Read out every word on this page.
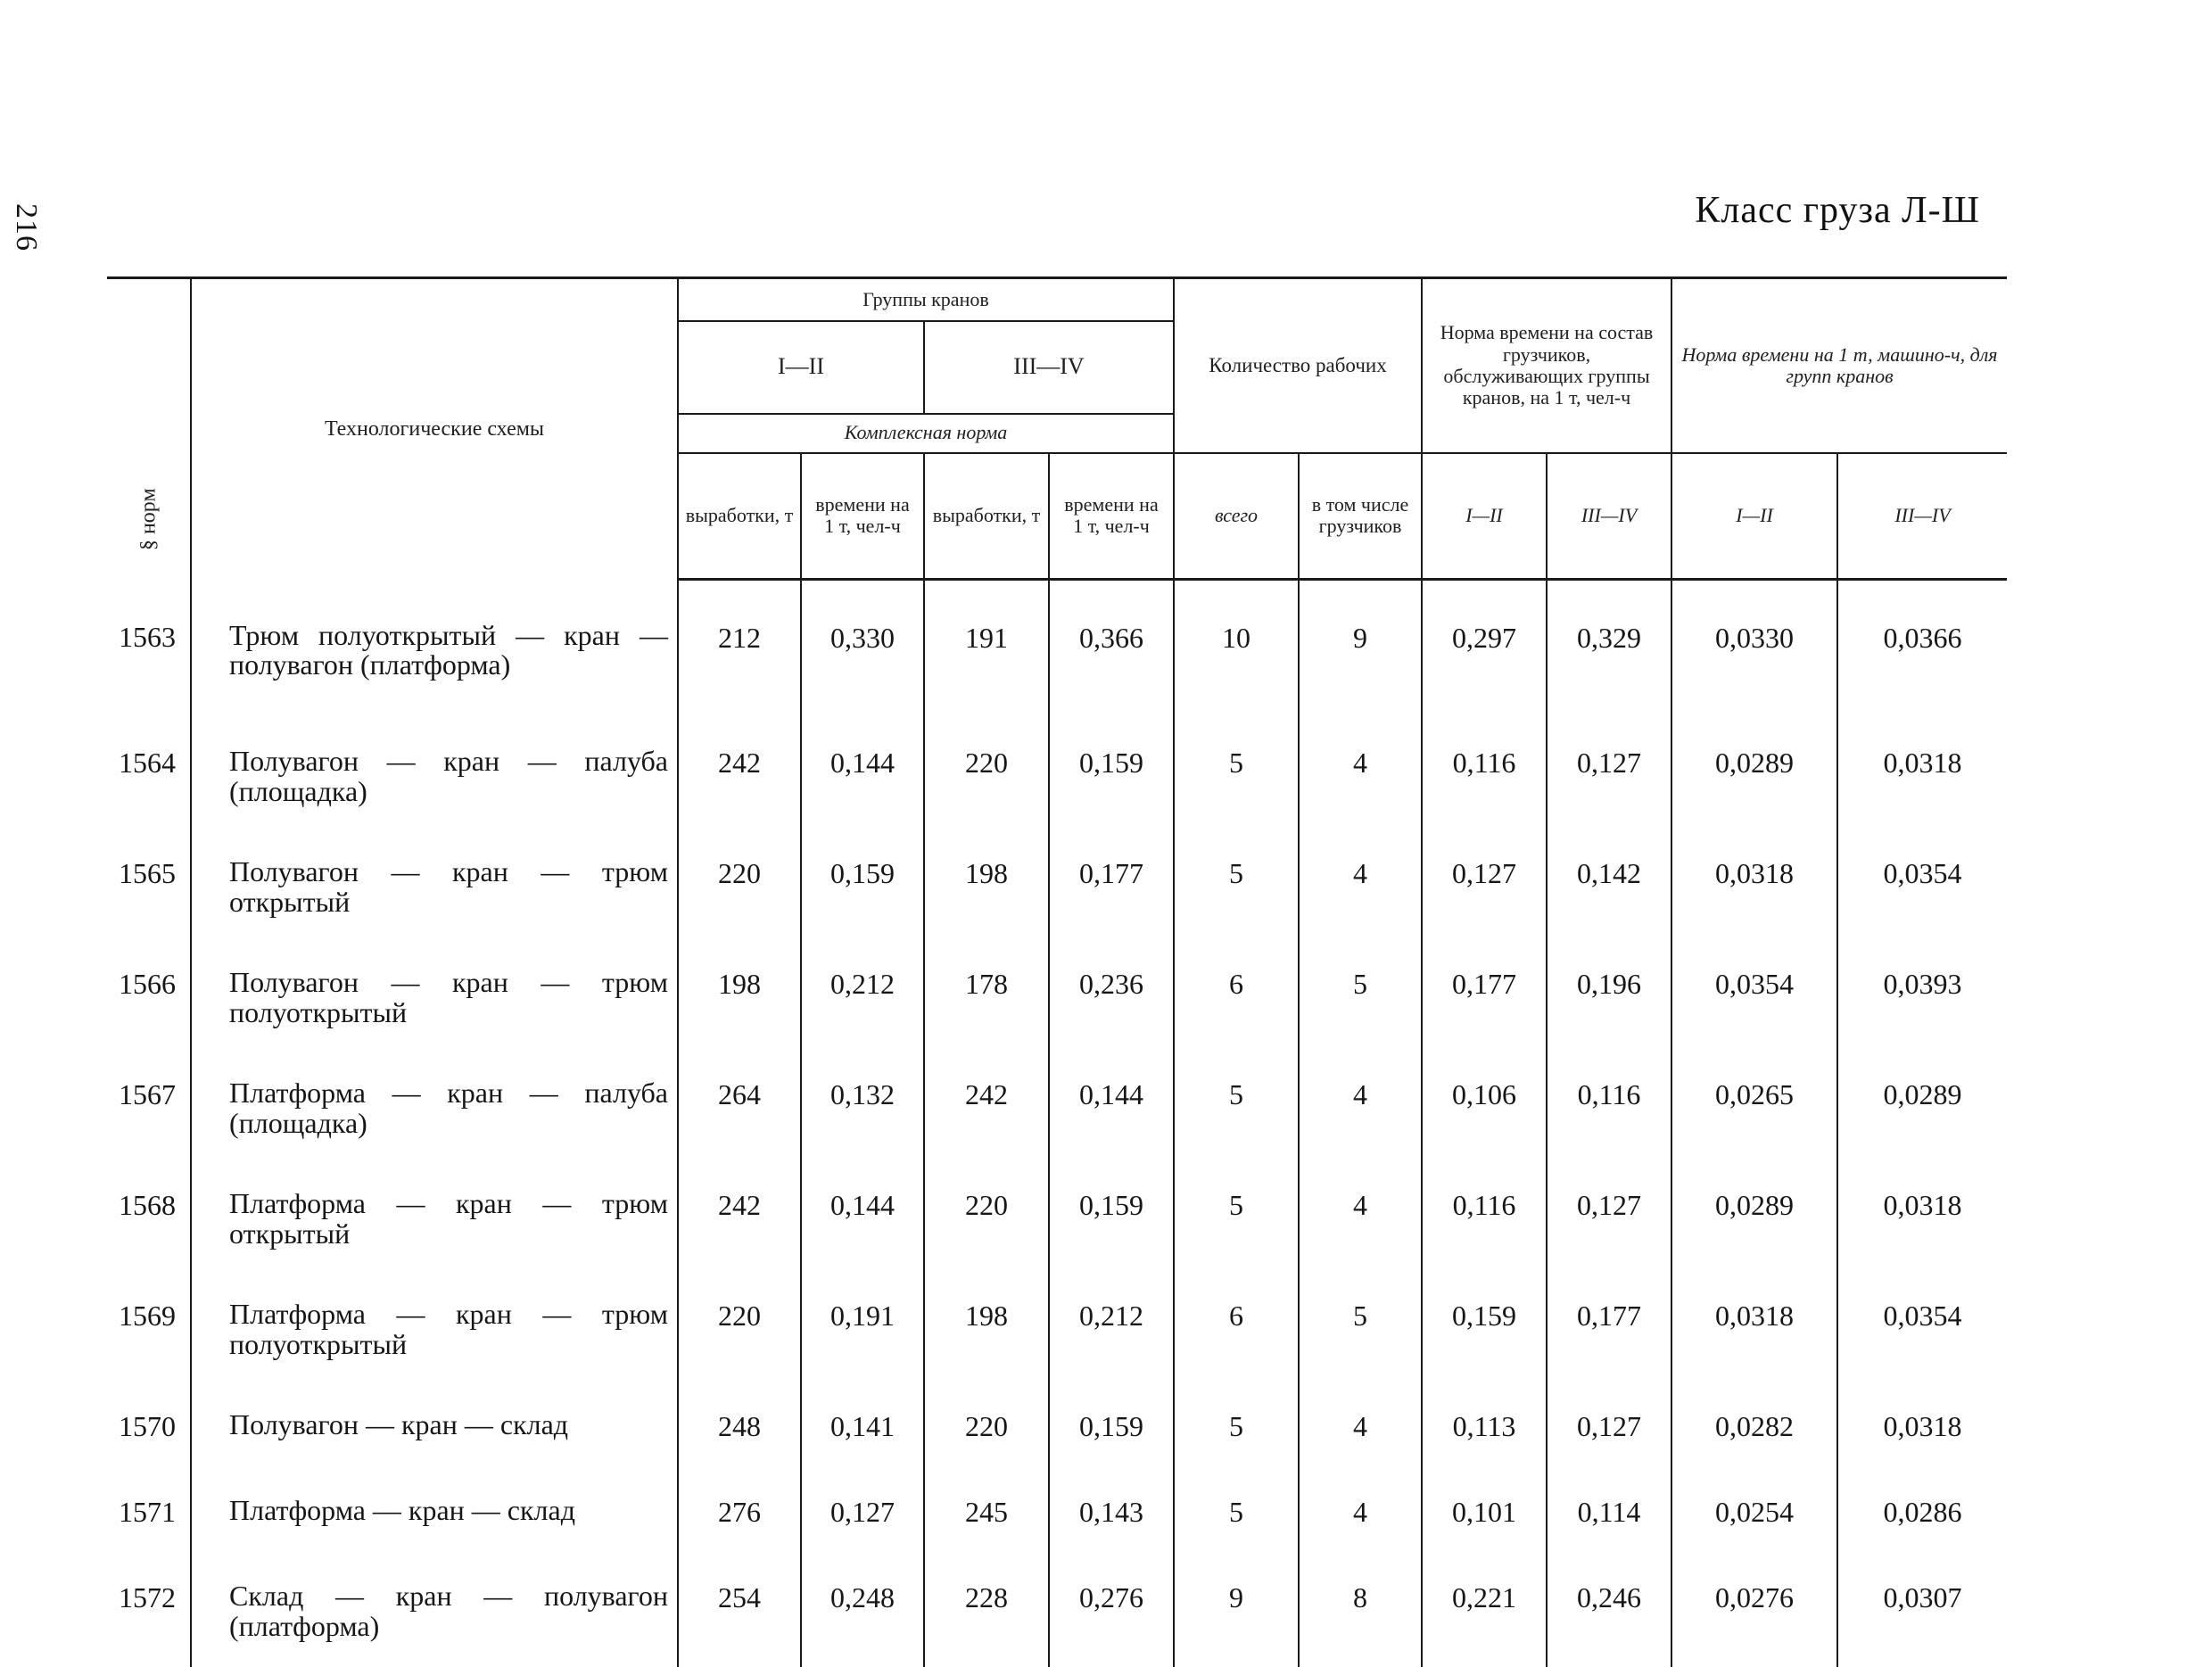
216	Класс груза Л-Ш
§ норм	Технологические схемы	Группы кранов				Количество рабочих		Норма времени на состав грузчиков, обслуживающих группы кранов, на 1 т, чел-ч		Норма времени на 1 т, машино-ч, для групп кранов	
		I—II		III—IV							
		Комплексная норма									
		выработки, т	времени на 1 т, чел-ч	выработки, т	времени на 1 т, чел-ч	всего	в том числе грузчиков	I—II	III—IV	I—II	III—IV
1563	Трюм полуоткрытый — кран — полувагон (платформа)	212	0,330	191	0,366	10	9	0,297	0,329	0,0330	0,0366
1564	Полувагон — кран — палуба (площадка)	242	0,144	220	0,159	5	4	0,116	0,127	0,0289	0,0318
1565	Полувагон — кран — трюм открытый	220	0,159	198	0,177	5	4	0,127	0,142	0,0318	0,0354
1566	Полувагон — кран — трюм полуоткрытый	198	0,212	178	0,236	6	5	0,177	0,196	0,0354	0,0393
1567	Платформа — кран — палуба (площадка)	264	0,132	242	0,144	5	4	0,106	0,116	0,0265	0,0289
1568	Платформа — кран — трюм открытый	242	0,144	220	0,159	5	4	0,116	0,127	0,0289	0,0318
1569	Платформа — кран — трюм полуоткрытый	220	0,191	198	0,212	6	5	0,159	0,177	0,0318	0,0354
1570	Полувагон — кран — склад	248	0,141	220	0,159	5	4	0,113	0,127	0,0282	0,0318
1571	Платформа — кран — склад	276	0,127	245	0,143	5	4	0,101	0,114	0,0254	0,0286
1572	Склад — кран — полувагон (платформа)	254	0,248	228	0,276	9	8	0,221	0,246	0,0276	0,0307
